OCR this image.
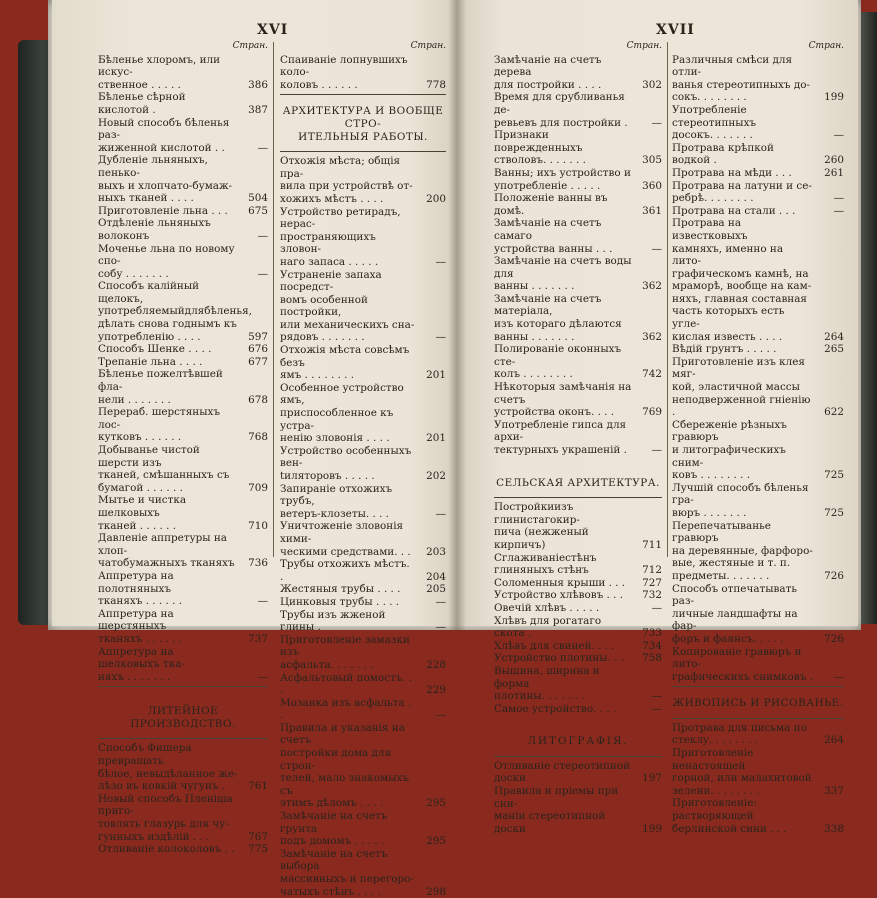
XVI
Стран.
Бѣленье хлоромъ, или искус-
ственное . . . . .	386
Бѣленье сѣрной кислотой .	387
Новый способъ бѣленья раз-
жиженной кислотой . .	—
Дубленіе льняныхъ, пенько-
выхъ и хлопчато-бумаж-
ныхъ тканей . . . .	504
Приготовленіе льна . . .	675
Отдѣленіе льняныхъ волоконъ	—
Моченье льна по новому спо-
собу . . . . . . .	—
Способъ калійный щелокъ,
употребляемыйдлябѣленья,
дѣлать снова годнымъ къ
употребленію . . . .	597
Способъ Шенке . . . .	676
Трепаніе льна . . . .	677
Бѣленье пожелтѣвшей фла-
нели . . . . . . .	678
Перераб. шерстяныхъ лос-
кутковъ . . . . . .	768
Добыванье чистой шерсти изъ
тканей, смѣшанныхъ съ
бумагой . . . . . .	709
Мытье и чистка шелковыхъ
тканей . . . . . .	710
Давленіе аппретуры на хлоп-
чатобумажныхъ тканяхъ	736
Аппретура на полотняныхъ
тканяхъ . . . . . .	—
Аппретура на шерстяныхъ
тканяхъ . . . . . .	737
Аппретура на шелковыхъ тка-
няхъ . . . . . . .	—
ЛИТЕЙНОЕ ПРОИЗВОДСТВО.
Способъ Фишера превращать
бѣлое, невыдѣланное же-
лѣзо въ ковкій чугунъ .	761
Новый способъ Пленіша приго-
товлять глазурь для чу-
гунныхъ издѣлій . . .	767
Отливаніе колоколовъ . .	775
Стран.
Спаиваніе лопнувшихъ коло-
коловъ . . . . . .	778
АРХИТЕКТУРА И ВООБЩЕ СТРО-
ИТЕЛЬНЫЯ РАБОТЫ.
Отхожія мѣста; общія пра-
вила при устройствѣ от-
хожихъ мѣстъ . . . .	200
Устройство ретирадъ, нерас-
пространяющихъ зловон-
наго запаса . . . . .	—
Устраненіе запаха посредст-
вомъ особенной постройки,
или механическихъ сна-
рядовъ . . . . . . .	—
Отхожія мѣста совсѣмъ безъ
ямъ . . . . . . . .	201
Особенное устройство ямъ,
приспособленное къ устра-
ненію зловонія . . . .	201
Устройство особенныхъ вен-
tиляторовъ . . . . .	202
Запираніе отхожихъ трубъ,
ветеръ-клозеты. . . .	—
Уничтоженіе зловонія хими-
ческими средствами. . .	203
Трубы отхожихъ мѣстъ. .	204
Жестяныя трубы . . . .	205
Цинковыя трубы . . . .	—
Трубы изъ жженой глины .	—
Приготовленіе замазки изъ
асфальта. . . . . . .	228
Асфальтовый помостъ. . .	229
Мозаика изъ асфальта . .	—
Правила и указанія на счетъ
постройки дома для строи-
телей, мало знакомыхъ съ
этимъ дѣломъ . . . .	295
Замѣчаніе на счетъ грунта
подъ домомъ . . . . .	295
Замѣчаніе на счетъ выбора
массивныхъ и перегоро-
чатыхъ стѣнъ . . . .	298
XVII
Стран.
Замѣчаніе на счетъ дерева
для постройки . . . .	302
Время для срубливанья де-
ревьевъ для постройки .	—
Признаки поврежденныхъ
стволовъ. . . . . . .	305
Ванны; ихъ устройство и
употребленіе . . . . .	360
Положеніе ванны въ домѣ.	361
Замѣчаніе на счетъ самаго
устройства ванны . . .	—
Замѣчаніе на счетъ воды для
ванны . . . . . . .	362
Замѣчаніе на счетъ матеріала,
изъ котораго дѣлаются
ванны . . . . . . .	362
Полированіе оконныхъ сте-
колъ . . . . . . . .	742
Нѣкоторыя замѣчанія на счетъ
устройства оконъ. . . .	769
Употребленіе гипса для архи-
тектурныхъ украшеній .	—
СЕЛЬСКАЯ АРХИТЕКТУРА.
Постройкиизъ глинистагокир-
пича (нежженый кирпичъ)	711
Сглаживаніестѣнъ глиняныхъ стѣнъ	712
Соломенныя крыши . . .	727
Устройство хлѣвовъ . . .	732
Овечій хлѣвъ . . . . .	—
Хлѣвъ для рогатаго скота .	733
Хлѣвъ для свиней. . . .	734
Устройство плотины. . .	758
Вышина, ширина и форма
плотины. . . . . . .	—
Самое устройство. . . .	—
ЛИТОГРАФІЯ.
Отливаніе стереотипной доски	197
Правила и пріемы при сни-
маніи стереотипной доски	199
Стран.
Различныя смѣси для отли-
ванья стереотипныхъ до-
сокъ. . . . . . . .	199
Употребленіе стереотипныхъ
досокъ. . . . . . .	—
Протрава крѣпкой водкой .	260
Протрава на мѣди . . .	261
Протрава на латуни и се-
ребрѣ. . . . . . . .	—
Протрава на стали . . .	—
Протрава на известковыхъ
камняхъ, именно на лито-
графическомъ камнѣ, на
мраморѣ, вообще на кам-
няхъ, главная составная
часть которыхъ есть угле-
кислая известь . . . .	264
Вѣдій грунтъ . . . . .	265
Приготовленіе изъ клея мяг-
кой, эластичной массы
неподверженной гніенію .	622
Сбереженіе рѣзныхъ гравюръ
и литографическихъ сним-
ковъ . . . . . . . .	725
Лучшій способъ бѣленья гра-
вюръ . . . . . . .	725
Перепечатыванье гравюръ
на деревянные, фарфоро-
вые, жестяные и т. п.
предметы. . . . . . .	726
Способъ отпечатывать раз-
личные ландшафты на фар-
форъ и фаянсъ. . . . .	726
Копированіе гравюръ и лито-
графическихъ снимковъ .	—
ЖИВОПИСЬ И РИСОВАНЬЕ.
Протрава для письма по
стеклу. . . . . . . .	264
Приготовленіе ненастоящей
горной, или малахитовой
зелени. . . . . . . .	337
Приготовленіе: растворяющей
берлинской сини . . .	338
